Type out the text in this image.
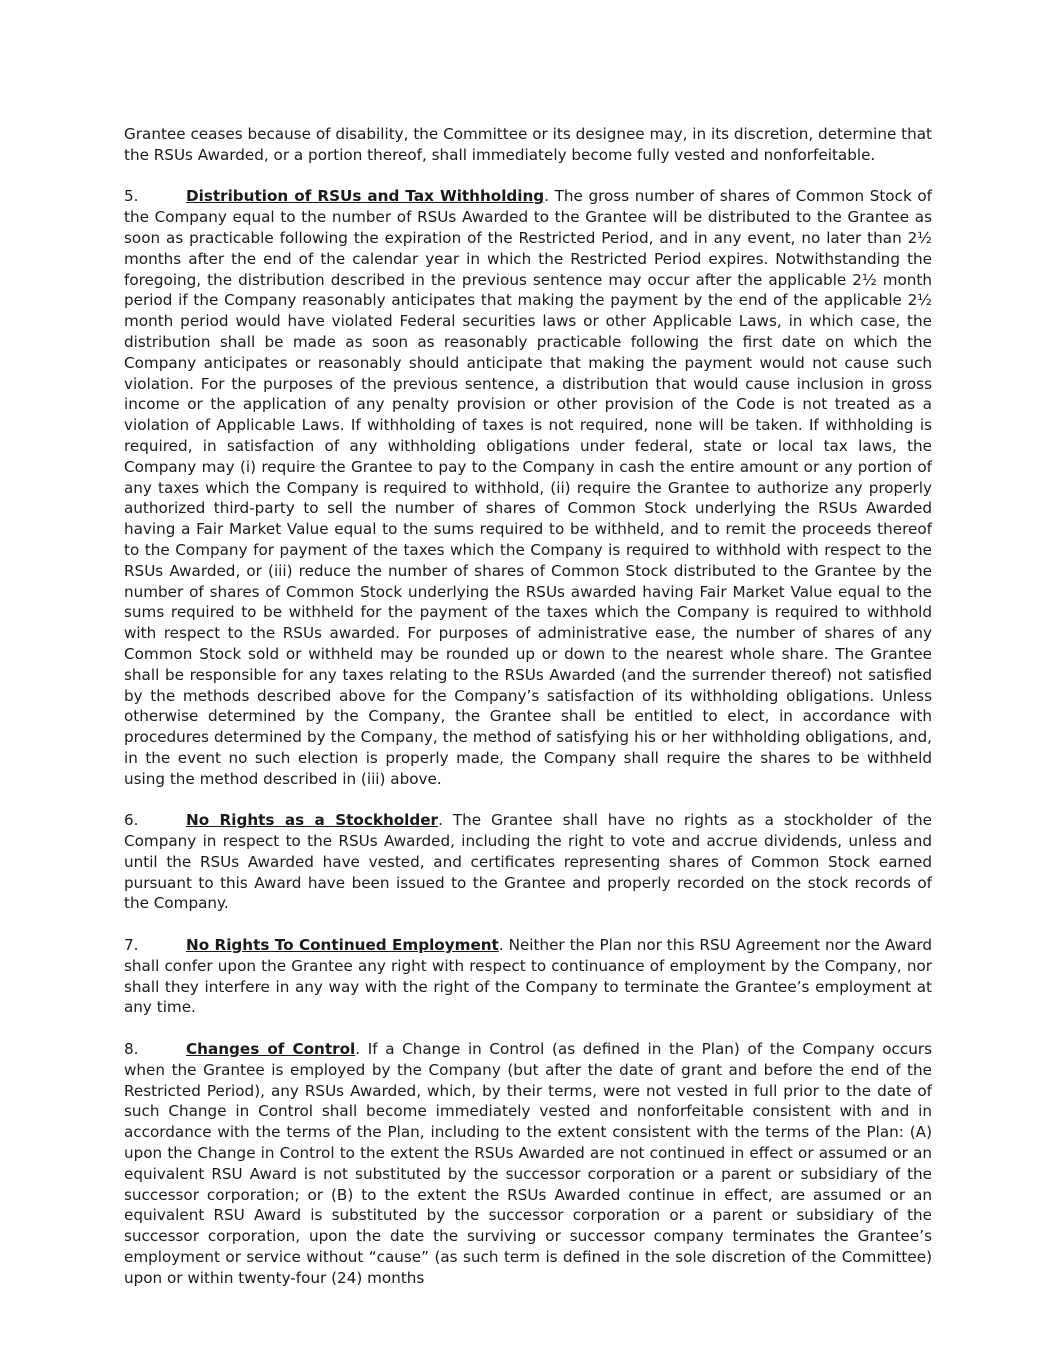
Grantee ceases because of disability, the Committee or its designee may, in its discretion, determine that the RSUs Awarded, or a portion thereof, shall immediately become fully vested and nonforfeitable.

5.	Distribution of RSUs and Tax Withholding. The gross number of shares of Common Stock of the Company equal to the number of RSUs Awarded to the Grantee will be distributed to the Grantee as soon as practicable following the expiration of the Restricted Period, and in any event, no later than 2½ months after the end of the calendar year in which the Restricted Period expires. Notwithstanding the foregoing, the distribution described in the previous sentence may occur after the applicable 2½ month period if the Company reasonably anticipates that making the payment by the end of the applicable 2½ month period would have violated Federal securities laws or other Applicable Laws, in which case, the distribution shall be made as soon as reasonably practicable following the first date on which the Company anticipates or reasonably should anticipate that making the payment would not cause such violation. For the purposes of the previous sentence, a distribution that would cause inclusion in gross income or the application of any penalty provision or other provision of the Code is not treated as a violation of Applicable Laws. If withholding of taxes is not required, none will be taken. If withholding is required, in satisfaction of any withholding obligations under federal, state or local tax laws, the Company may (i) require the Grantee to pay to the Company in cash the entire amount or any portion of any taxes which the Company is required to withhold, (ii) require the Grantee to authorize any properly authorized third-party to sell the number of shares of Common Stock underlying the RSUs Awarded having a Fair Market Value equal to the sums required to be withheld, and to remit the proceeds thereof to the Company for payment of the taxes which the Company is required to withhold with respect to the RSUs Awarded, or (iii) reduce the number of shares of Common Stock distributed to the Grantee by the number of shares of Common Stock underlying the RSUs awarded having Fair Market Value equal to the sums required to be withheld for the payment of the taxes which the Company is required to withhold with respect to the RSUs awarded. For purposes of administrative ease, the number of shares of any Common Stock sold or withheld may be rounded up or down to the nearest whole share. The Grantee shall be responsible for any taxes relating to the RSUs Awarded (and the surrender thereof) not satisfied by the methods described above for the Company’s satisfaction of its withholding obligations. Unless otherwise determined by the Company, the Grantee shall be entitled to elect, in accordance with procedures determined by the Company, the method of satisfying his or her withholding obligations, and, in the event no such election is properly made, the Company shall require the shares to be withheld using the method described in (iii) above.

6.	No Rights as a Stockholder. The Grantee shall have no rights as a stockholder of the Company in respect to the RSUs Awarded, including the right to vote and accrue dividends, unless and until the RSUs Awarded have vested, and certificates representing shares of Common Stock earned pursuant to this Award have been issued to the Grantee and properly recorded on the stock records of the Company.

7.	No Rights To Continued Employment. Neither the Plan nor this RSU Agreement nor the Award shall confer upon the Grantee any right with respect to continuance of employment by the Company, nor shall they interfere in any way with the right of the Company to terminate the Grantee’s employment at any time.

8.	Changes of Control. If a Change in Control (as defined in the Plan) of the Company occurs when the Grantee is employed by the Company (but after the date of grant and before the end of the Restricted Period), any RSUs Awarded, which, by their terms, were not vested in full prior to the date of such Change in Control shall become immediately vested and nonforfeitable consistent with and in accordance with the terms of the Plan, including to the extent consistent with the terms of the Plan: (A) upon the Change in Control to the extent the RSUs Awarded are not continued in effect or assumed or an equivalent RSU Award is not substituted by the successor corporation or a parent or subsidiary of the successor corporation; or (B) to the extent the RSUs Awarded continue in effect, are assumed or an equivalent RSU Award is substituted by the successor corporation or a parent or subsidiary of the successor corporation, upon the date the surviving or successor company terminates the Grantee’s employment or service without “cause” (as such term is defined in the sole discretion of the Committee) upon or within twenty-four (24) months
